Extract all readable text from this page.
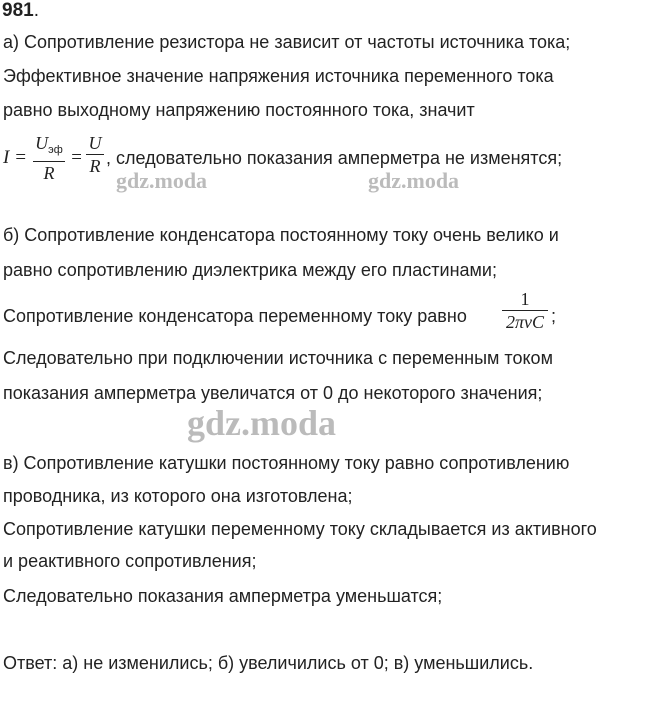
981.
а) Сопротивление резистора не зависит от частоты источника тока;
Эффективное значение напряжения источника переменного тока
равно выходному напряжению постоянного тока, значит
I =
$U_{эф}$
R
=
U
R , следовательно показания амперметра не изменятся;
gdz.moda	gdz.moda
б) Сопротивление конденсатора постоянному току очень велико и
равно сопротивлению диэлектрика между его пластинами;
Сопротивление конденсатора переменному току равно
1
2πνC ;
Следовательно при подключении источника с переменным током
показания амперметра увеличатся от 0 до некоторого значения;
gdz.moda
в) Сопротивление катушки постоянному току равно сопротивлению
проводника, из которого она изготовлена;
Сопротивление катушки переменному току складывается из активного
и реактивного сопротивления;
Следовательно показания амперметра уменьшатся;
Ответ: а) не изменились; б) увеличились от 0; в) уменьшились.
